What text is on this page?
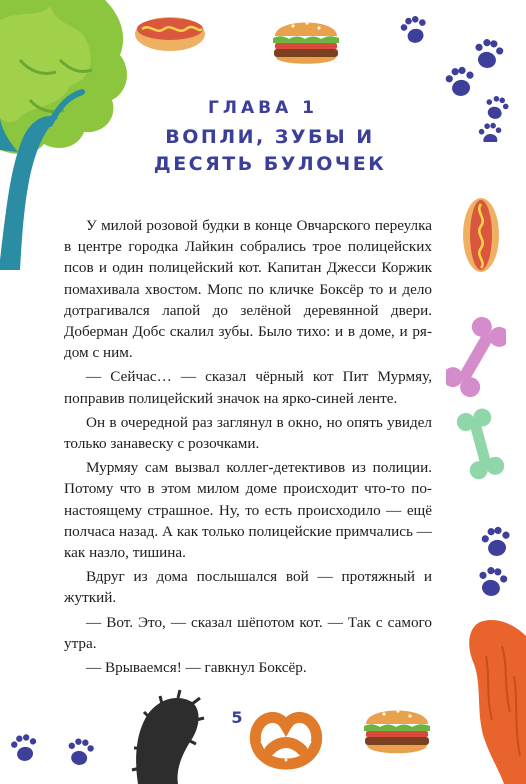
ГЛАВА 1
ВОПЛИ, ЗУБЫ И ДЕСЯТЬ БУЛОЧЕК

У милой розовой будки в конце Овчарского переулка в центре городка Лайкин собрались трое полицейских псов и один полицейский кот. Капитан Джесси Коржик помахивала хвостом. Мопс по кличке Боксёр то и дело дотрагивался лапой до зелёной деревянной двери. Доберман Добс скалил зубы. Было тихо: и в доме, и рядом с ним.

— Сейчас… — сказал чёрный кот Пит Мурмяу, поправив полицейский значок на ярко-синей ленте.

Он в очередной раз заглянул в окно, но опять увидел только занавеску с розочками.

Мурмяу сам вызвал коллег-детективов из полиции. Потому что в этом милом доме происходит что-то по-настоящему страшное. Ну, то есть происходило — ещё полчаса назад. А как только полицейские примчались — как назло, тишина.

Вдруг из дома послышался вой — протяжный и жуткий.

— Вот. Это, — сказал шёпотом кот. — Так с самого утра.

— Врываемся! — гавкнул Боксёр.

5
